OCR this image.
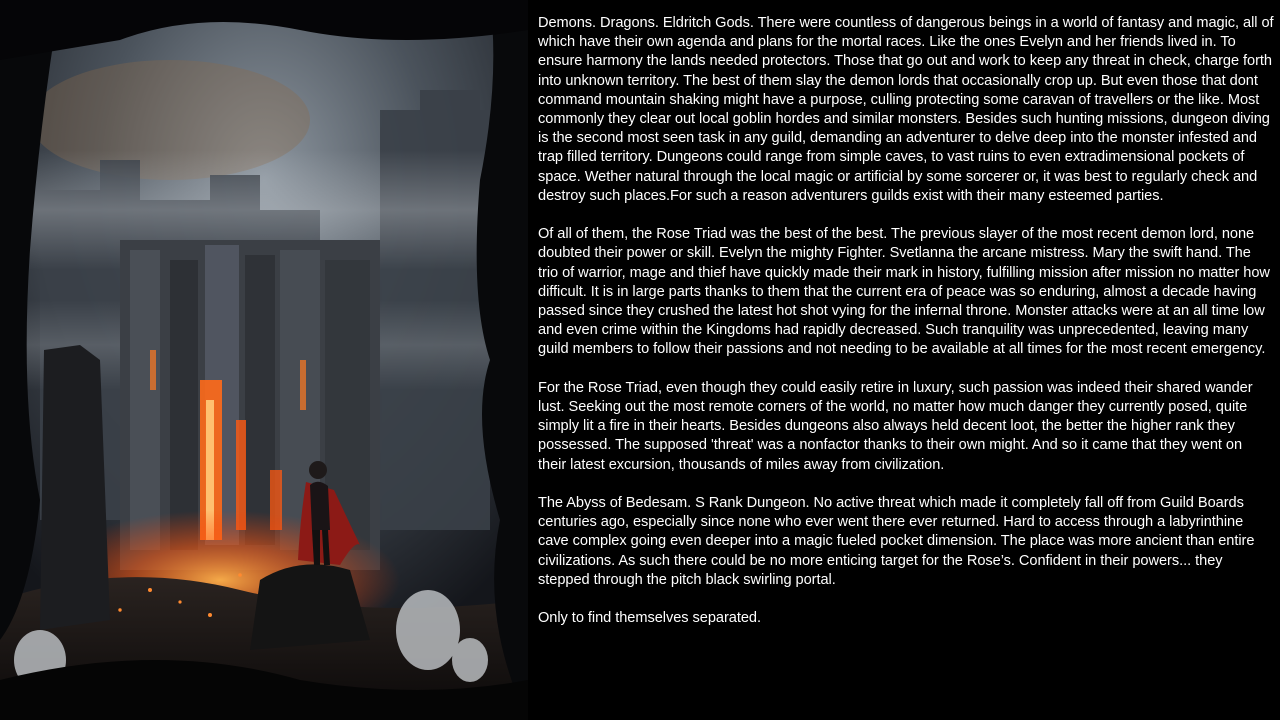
Demons. Dragons. Eldritch Gods. There were countless of dangerous beings in a world of fantasy and magic, all of which have their own agenda and plans for the mortal races. Like the ones Evelyn and her friends lived in. To ensure harmony the lands needed protectors. Those that go out and work to keep any threat in check, charge forth into unknown territory. The best of them slay the demon lords that occasionally crop up. But even those that dont command mountain shaking might have a purpose, culling protecting some caravan of travellers or the like. Most commonly they clear out local goblin hordes and similar monsters. Besides such hunting missions, dungeon diving is the second most seen task in any guild, demanding an adventurer to delve deep into the monster infested and trap filled territory. Dungeons could range from simple caves, to vast ruins to even extradimensional pockets of space. Wether natural through the local magic or artificial by some sorcerer or, it was best to regularly check and destroy such places.For such a reason adventurers guilds exist with their many esteemed parties.

Of all of them, the Rose Triad was the best of the best. The previous slayer of the most recent demon lord, none doubted their power or skill. Evelyn the mighty Fighter. Svetlanna the arcane mistress. Mary the swift hand. The trio of warrior, mage and thief have quickly made their mark in history, fulfilling mission after mission no matter how difficult. It is in large parts thanks to them that the current era of peace was so enduring, almost a decade having passed since they crushed the latest hot shot vying for the infernal throne. Monster attacks were at an all time low and even crime within the Kingdoms had rapidly decreased. Such tranquility was unprecedented, leaving many guild members to follow their passions and not needing to be available at all times for the most recent emergency.

For the Rose Triad, even though they could easily retire in luxury, such passion was indeed their shared wander lust. Seeking out the most remote corners of the world, no matter how much danger they currently posed, quite simply lit a fire in their hearts. Besides dungeons also always held decent loot, the better the higher rank they possessed. The supposed 'threat' was a nonfactor thanks to their own might. And so it came that they went on their latest excursion, thousands of miles away from civilization.

The Abyss of Bedesam. S Rank Dungeon. No active threat which made it completely fall off from Guild Boards centuries ago, especially since none who ever went there ever returned. Hard to access through a labyrinthine cave complex going even deeper into a magic fueled pocket dimension. The place was more ancient than entire civilizations. As such there could be no more enticing target for the Rose’s. Confident in their powers... they stepped through the pitch black swirling portal.

Only to find themselves separated.
